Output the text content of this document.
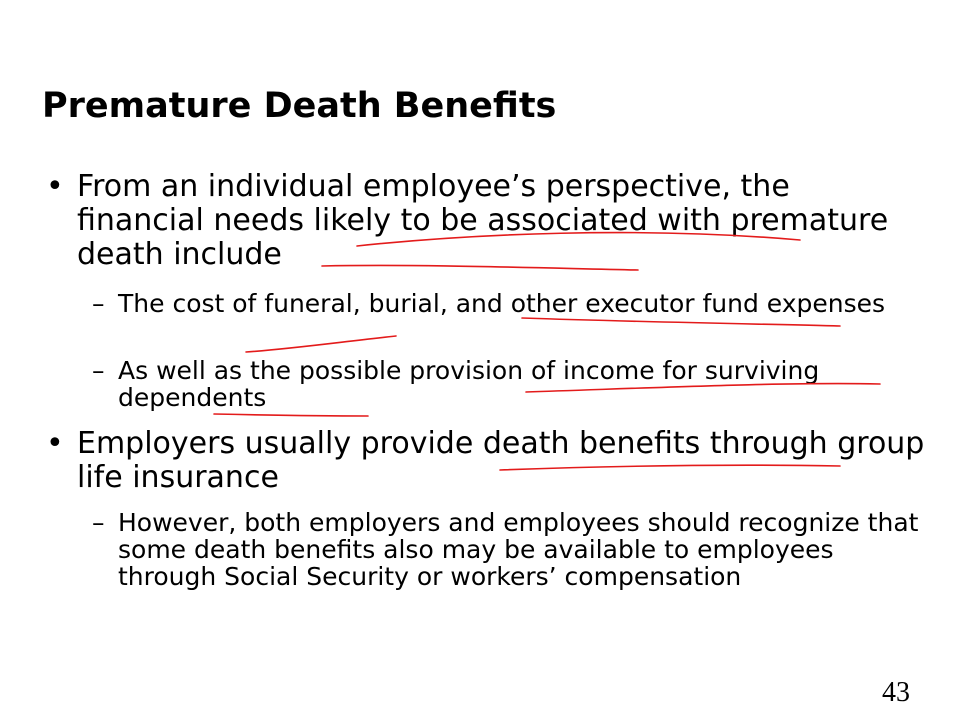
Premature Death Benefits
• From an individual employee’s perspective, the financial needs likely to be associated with premature death include
– The cost of funeral, burial, and other executor fund expenses
– As well as the possible provision of income for surviving dependents
• Employers usually provide death benefits through group life insurance
– However, both employers and employees should recognize that some death benefits also may be available to employees through Social Security or workers’ compensation
43
